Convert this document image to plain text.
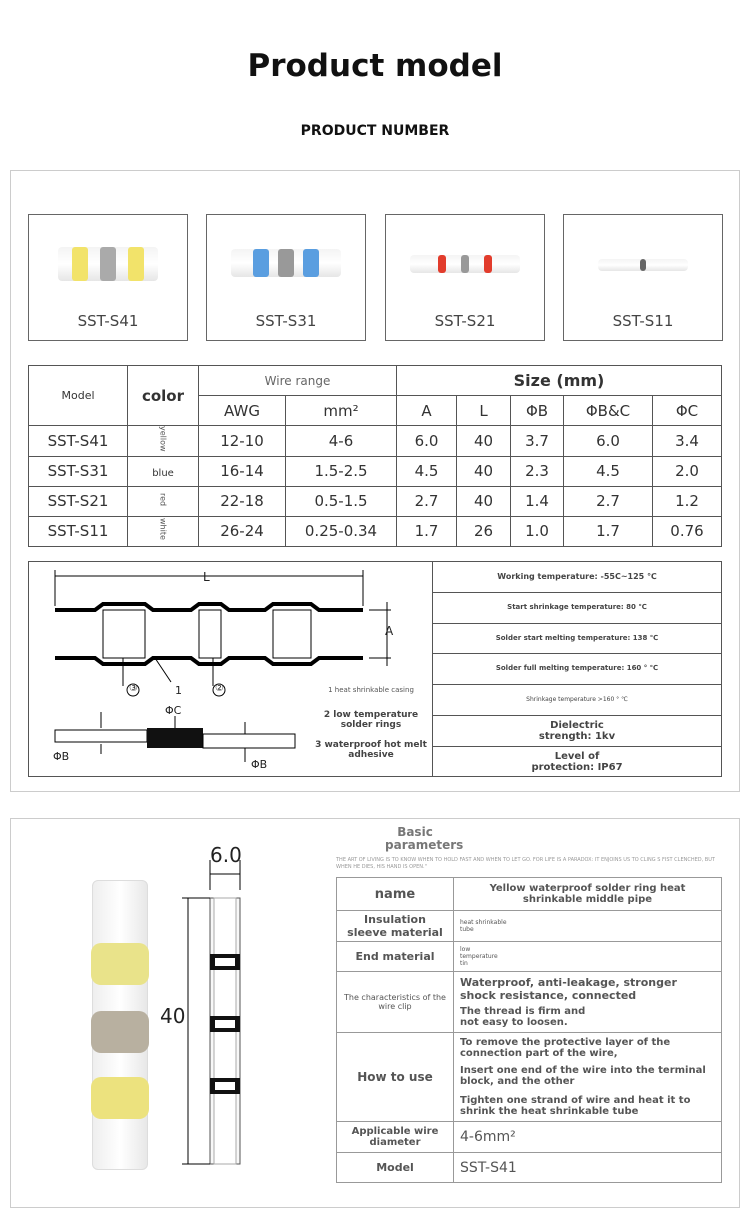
Product model
PRODUCT NUMBER
SST-S41	SST-S31	SST-S21	SST-S11
Model	color	Wire range		Size (mm)				
		AWG	mm²	A	L	ΦB	ΦB&C	ΦC
SST-S41	yellow	12-10	4-6	6.0	40	3.7	6.0	3.4
SST-S31	blue	16-14	1.5-2.5	4.5	40	2.3	4.5	2.0
SST-S21	red	22-18	0.5-1.5	2.7	40	1.4	2.7	1.2
SST-S11	white	26-24	0.25-0.34	1.7	26	1.0	1.7	0.76
L
A
③	1	②
ΦC
ΦB
ΦB
1 heat shrinkable casing
2 low temperature solder rings
3 waterproof hot melt adhesive
Working temperature: -55C~125 ℃
Start shrinkage temperature: 80 ℃
Solder start melting temperature: 138 ℃
Solder full melting temperature: 160 ° ℃
Shrinkage temperature >160 ° ℃
Dielectric strength: 1kv
Level of protection: IP67
6.0
40
Basic parameters
THE ART OF LIVING IS TO KNOW WHEN TO HOLD FAST AND WHEN TO LET GO. FOR LIFE IS A PARADOX: IT ENJOINS US TO CLING S FIST CLENCHED, BUT WHEN HE DIES, HIS HAND IS OPEN."
name	Yellow waterproof solder ring heat shrinkable middle pipe
Insulation sleeve material	heat shrinkable tube
End material	low temperature tin
The characteristics of the wire clip	Waterproof, anti-leakage, stronger shock resistance, connected
The thread is firm and not easy to loosen.

How to use	To remove the protective layer of the connection part of the wire,
Insert one end of the wire into the terminal block, and the other
Tighten one strand of wire and heat it to shrink the heat shrinkable tube

Applicable wire diameter	4-6mm²
Model	SST-S41
